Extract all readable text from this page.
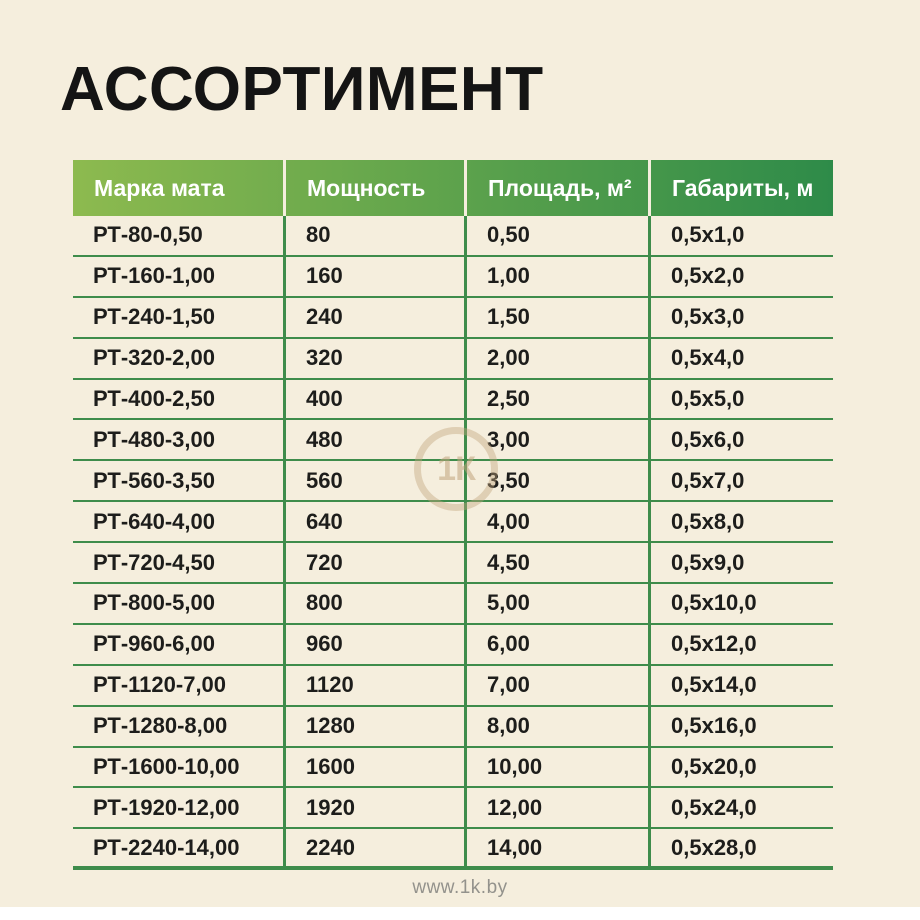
АССОРТИМЕНТ
Марка мата	Мощность	Площадь, м²	Габариты, м
РТ-80-0,50	80	0,50	0,5x1,0
РТ-160-1,00	160	1,00	0,5x2,0
РТ-240-1,50	240	1,50	0,5x3,0
РТ-320-2,00	320	2,00	0,5x4,0
РТ-400-2,50	400	2,50	0,5x5,0
РТ-480-3,00	480	3,00	0,5x6,0
РТ-560-3,50	560	3,50	0,5x7,0
РТ-640-4,00	640	4,00	0,5x8,0
РТ-720-4,50	720	4,50	0,5x9,0
РТ-800-5,00	800	5,00	0,5x10,0
РТ-960-6,00	960	6,00	0,5x12,0
РТ-1120-7,00	1120	7,00	0,5x14,0
РТ-1280-8,00	1280	8,00	0,5x16,0
РТ-1600-10,00	1600	10,00	0,5x20,0
РТ-1920-12,00	1920	12,00	0,5x24,0
РТ-2240-14,00	2240	14,00	0,5x28,0
1К
www.1k.by
